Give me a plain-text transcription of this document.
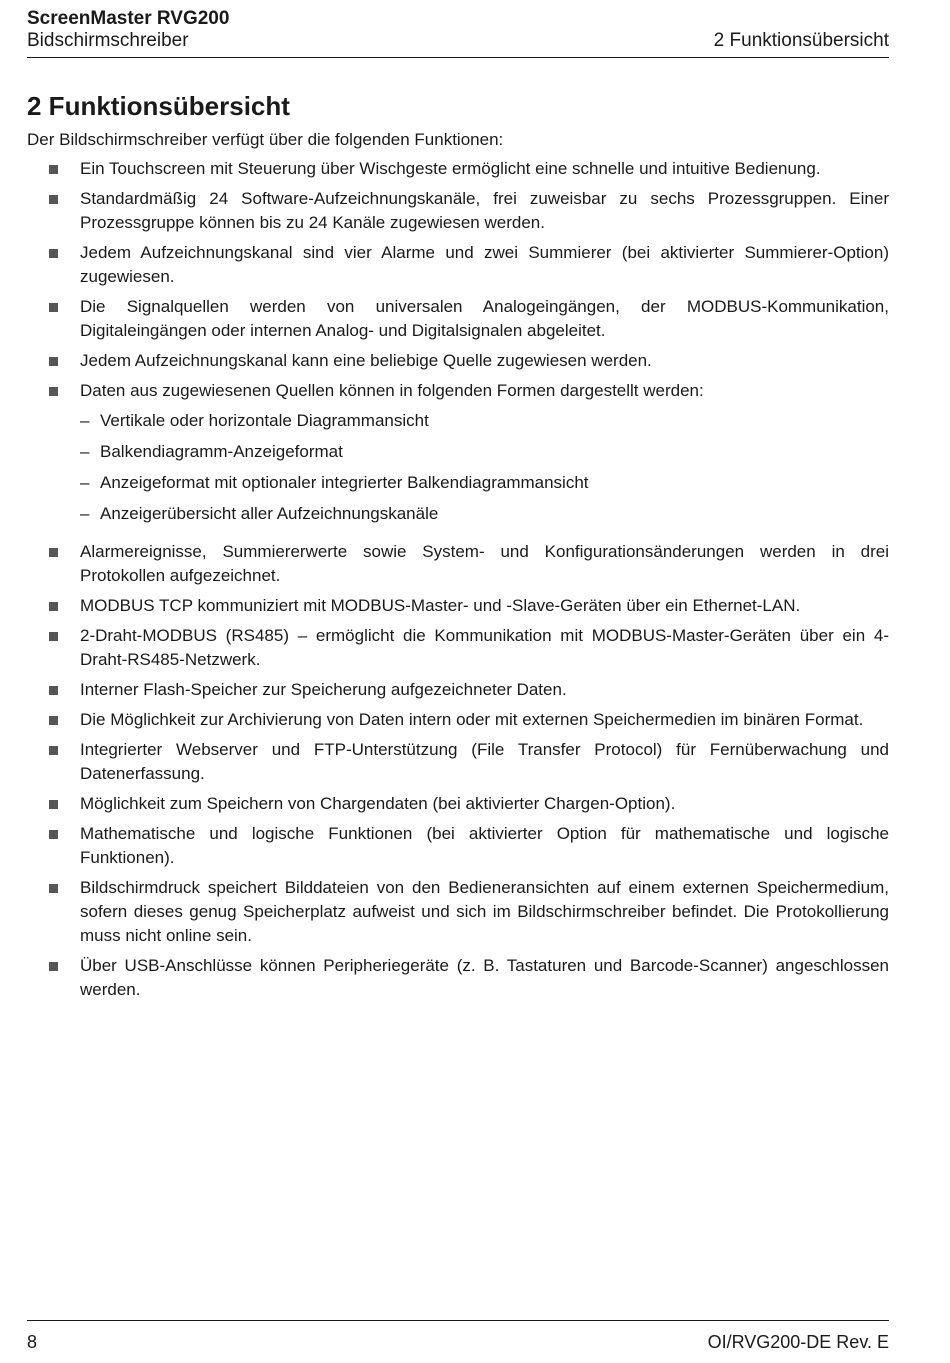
ScreenMaster RVG200
Bidschirmschreiber	2 Funktionsübersicht
2 Funktionsübersicht
Der Bildschirmschreiber verfügt über die folgenden Funktionen:
Ein Touchscreen mit Steuerung über Wischgeste ermöglicht eine schnelle und intuitive Bedienung.
Standardmäßig 24 Software-Aufzeichnungskanäle, frei zuweisbar zu sechs Prozessgruppen. Einer Prozessgruppe können bis zu 24 Kanäle zugewiesen werden.
Jedem Aufzeichnungskanal sind vier Alarme und zwei Summierer (bei aktivierter Summierer-Option) zugewiesen.
Die Signalquellen werden von universalen Analogeingängen, der MODBUS-Kommunikation, Digitaleingängen oder internen Analog- und Digitalsignalen abgeleitet.
Jedem Aufzeichnungskanal kann eine beliebige Quelle zugewiesen werden.
Daten aus zugewiesenen Quellen können in folgenden Formen dargestellt werden:
– Vertikale oder horizontale Diagrammansicht
– Balkendiagramm-Anzeigeformat
– Anzeigeformat mit optionaler integrierter Balkendiagrammansicht
– Anzeigerübersicht aller Aufzeichnungskanäle
Alarmereignisse, Summiererwerte sowie System- und Konfigurationsänderungen werden in drei Protokollen aufgezeichnet.
MODBUS TCP kommuniziert mit MODBUS-Master- und -Slave-Geräten über ein Ethernet-LAN.
2-Draht-MODBUS (RS485) – ermöglicht die Kommunikation mit MODBUS-Master-Geräten über ein 4-Draht-RS485-Netzwerk.
Interner Flash-Speicher zur Speicherung aufgezeichneter Daten.
Die Möglichkeit zur Archivierung von Daten intern oder mit externen Speichermedien im binären Format.
Integrierter Webserver und FTP-Unterstützung (File Transfer Protocol) für Fernüberwachung und Datenerfassung.
Möglichkeit zum Speichern von Chargendaten (bei aktivierter Chargen-Option).
Mathematische und logische Funktionen (bei aktivierter Option für mathematische und logische Funktionen).
Bildschirmdruck speichert Bilddateien von den Bedieneransichten auf einem externen Speichermedium, sofern dieses genug Speicherplatz aufweist und sich im Bildschirmschreiber befindet. Die Protokollierung muss nicht online sein.
Über USB-Anschlüsse können Peripheriegeräte (z. B. Tastaturen und Barcode-Scanner) angeschlossen werden.
8	OI/RVG200-DE Rev. E
